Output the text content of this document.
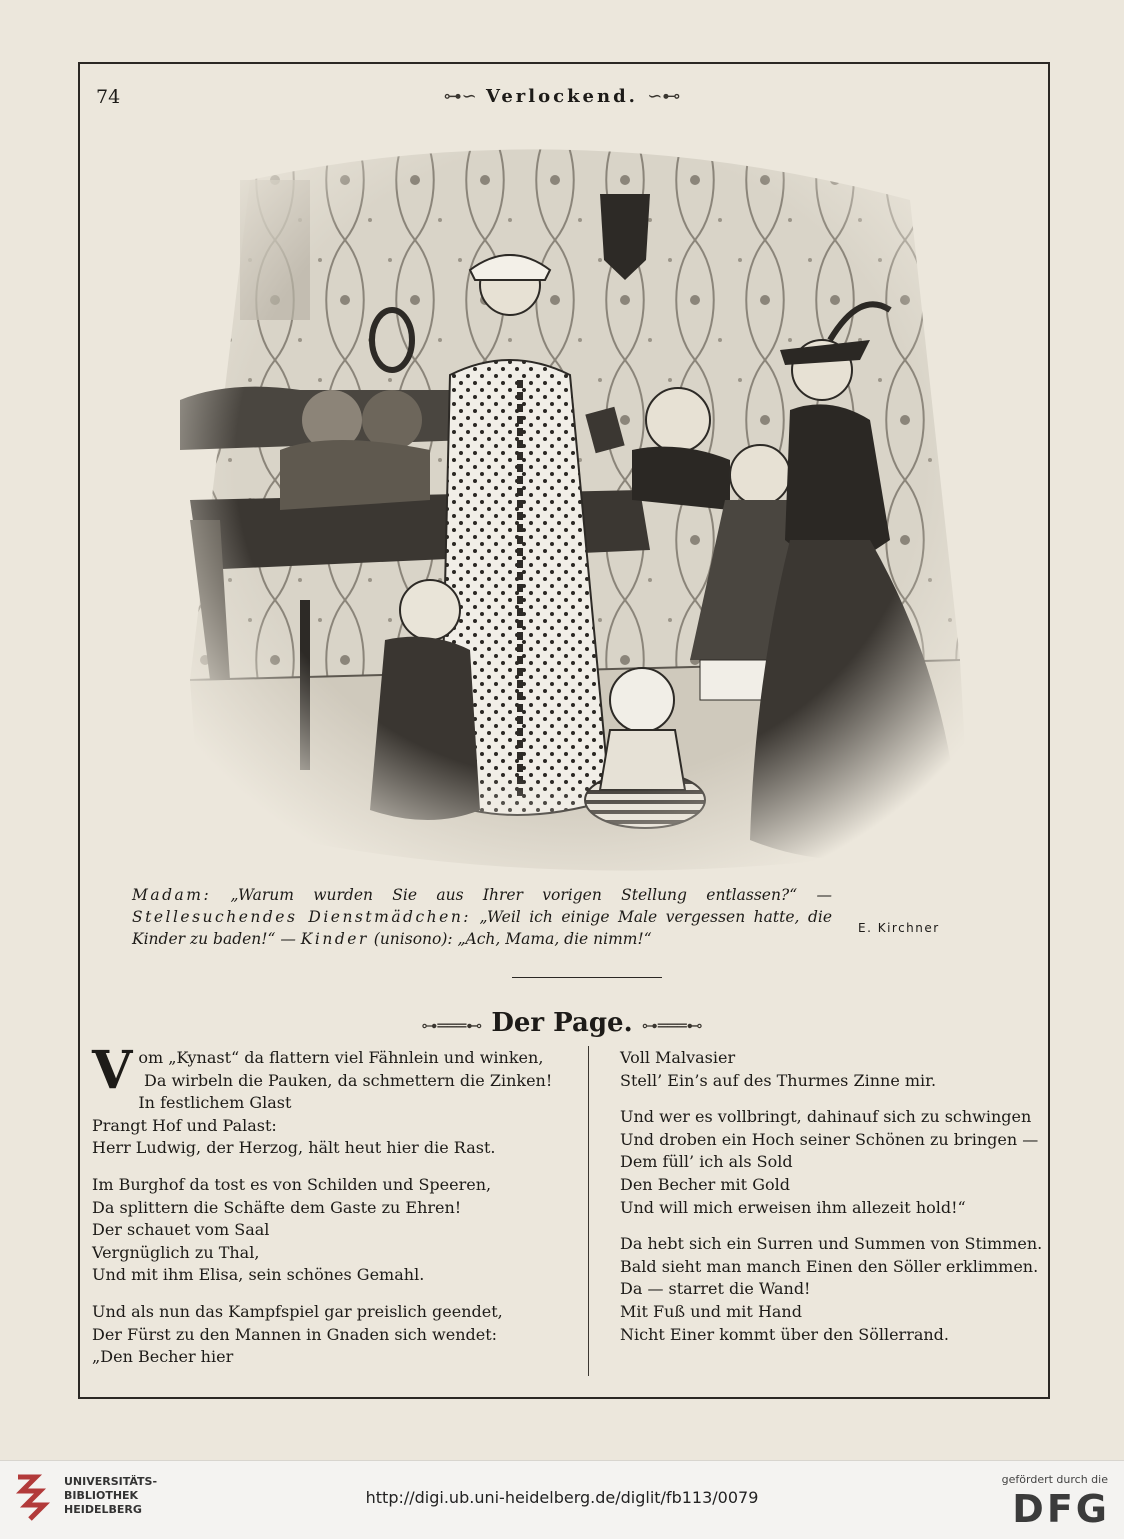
74	⊶∽ Verlockend. ∽⊷
Madam: „Warum wurden Sie aus Ihrer vorigen Stellung entlassen?“ — Stellesuchendes Dienstmädchen: „Weil ich einige Male vergessen hatte, die Kinder zu baden!“ — Kinder (unisono): „Ach, Mama, die nimm!“
E. Kirchner
⊶═══⊷ Der Page. ⊶═══⊷
Vom „Kynast“ da flattern viel Fähnlein und winken,
Da wirbeln die Pauken, da schmettern die Zinken!
In festlichem Glast
Prangt Hof und Palast:
Herr Ludwig, der Herzog, hält heut hier die Rast.
Im Burghof da tost es von Schilden und Speeren,
Da splittern die Schäfte dem Gaste zu Ehren!
Der schauet vom Saal
Vergnüglich zu Thal,
Und mit ihm Elisa, sein schönes Gemahl.
Und als nun das Kampfspiel gar preislich geendet,
Der Fürst zu den Mannen in Gnaden sich wendet:
„Den Becher hier
Voll Malvasier
Stell’ Ein’s auf des Thurmes Zinne mir.
Und wer es vollbringt, dahinauf sich zu schwingen
Und droben ein Hoch seiner Schönen zu bringen —
Dem füll’ ich als Sold
Den Becher mit Gold
Und will mich erweisen ihm allezeit hold!“
Da hebt sich ein Surren und Summen von Stimmen.
Bald sieht man manch Einen den Söller erklimmen.
Da — starret die Wand!
Mit Fuß und mit Hand
Nicht Einer kommt über den Söllerrand.
UNIVERSITÄTS-
BIBLIOTHEK
HEIDELBERG
http://digi.ub.uni-heidelberg.de/diglit/fb113/0079
gefördert durch die
DFG
